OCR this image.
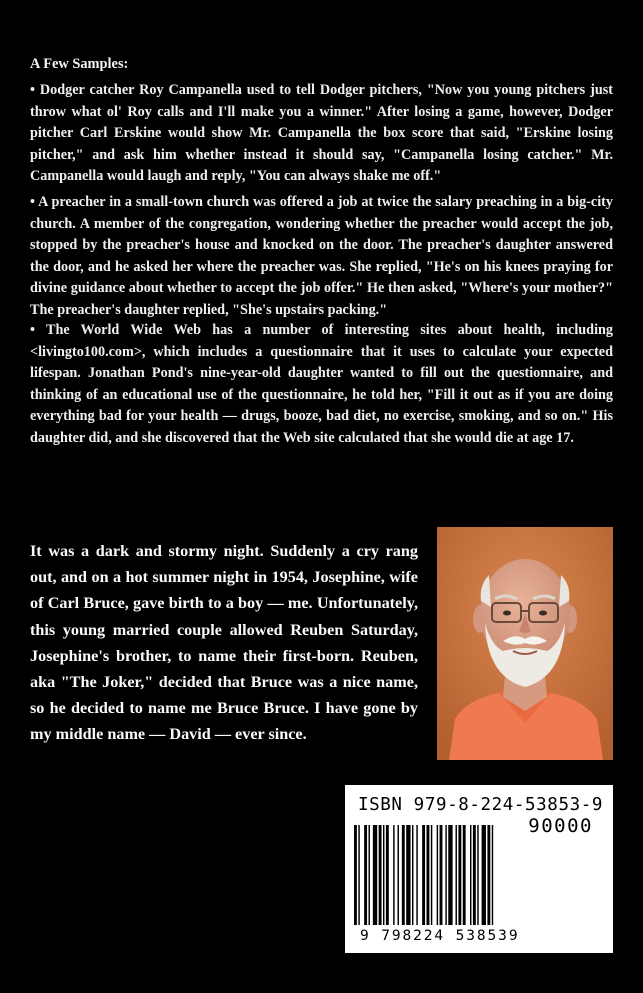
A Few Samples:

• Dodger catcher Roy Campanella used to tell Dodger pitchers, "Now you young pitchers just throw what ol' Roy calls and I'll make you a winner." After losing a game, however, Dodger pitcher Carl Erskine would show Mr. Campanella the box score that said, "Erskine losing pitcher," and ask him whether instead it should say, "Campanella losing catcher." Mr. Campanella would laugh and reply, "You can always shake me off."

• A preacher in a small-town church was offered a job at twice the salary preaching in a big-city church. A member of the congregation, wondering whether the preacher would accept the job, stopped by the preacher's house and knocked on the door. The preacher's daughter answered the door, and he asked her where the preacher was. She replied, "He's on his knees praying for divine guidance about whether to accept the job offer." He then asked, "Where's your mother?" The preacher's daughter replied, "She's upstairs packing."

• The World Wide Web has a number of interesting sites about health, including <livingto100.com>, which includes a questionnaire that it uses to calculate your expected lifespan. Jonathan Pond's nine-year-old daughter wanted to fill out the questionnaire, and thinking of an educational use of the questionnaire, he told her, "Fill it out as if you are doing everything bad for your health — drugs, booze, bad diet, no exercise, smoking, and so on." His daughter did, and she discovered that the Web site calculated that she would die at age 17.

It was a dark and stormy night. Suddenly a cry rang out, and on a hot summer night in 1954, Josephine, wife of Carl Bruce, gave birth to a boy — me. Unfortunately, this young married couple allowed Reuben Saturday, Josephine's brother, to name their first-born. Reuben, aka "The Joker," decided that Bruce was a nice name, so he decided to name me Bruce Bruce. I have gone by my middle name — David — ever since.

ISBN 979-8-224-53853-9
90000
9 798224 538539
